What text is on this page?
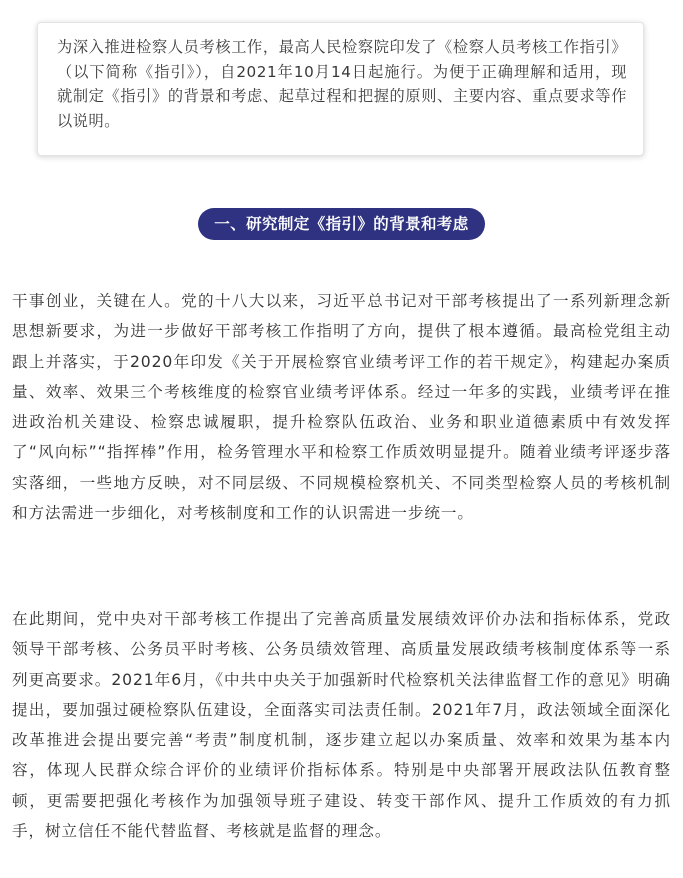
为深入推进检察人员考核工作，最高人民检察院印发了《检察人员考核工作指引》（以下简称《指引》），自2021年10月14日起施行。为便于正确理解和适用，现就制定《指引》的背景和考虑、起草过程和把握的原则、主要内容、重点要求等作以说明。
一、研究制定《指引》的背景和考虑

干事创业，关键在人。党的十八大以来，习近平总书记对干部考核提出了一系列新理念新思想新要求，为进一步做好干部考核工作指明了方向，提供了根本遵循。最高检党组主动跟上并落实，于2020年印发《关于开展检察官业绩考评工作的若干规定》，构建起办案质量、效率、效果三个考核维度的检察官业绩考评体系。经过一年多的实践，业绩考评在推进政治机关建设、检察忠诚履职，提升检察队伍政治、业务和职业道德素质中有效发挥了“风向标”“指挥棒”作用，检务管理水平和检察工作质效明显提升。随着业绩考评逐步落实落细，一些地方反映，对不同层级、不同规模检察机关、不同类型检察人员的考核机制和方法需进一步细化，对考核制度和工作的认识需进一步统一。

在此期间，党中央对干部考核工作提出了完善高质量发展绩效评价办法和指标体系，党政领导干部考核、公务员平时考核、公务员绩效管理、高质量发展政绩考核制度体系等一系列更高要求。2021年6月，《中共中央关于加强新时代检察机关法律监督工作的意见》明确提出，要加强过硬检察队伍建设，全面落实司法责任制。2021年7月，政法领域全面深化改革推进会提出要完善“考责”制度机制，逐步建立起以办案质量、效率和效果为基本内容，体现人民群众综合评价的业绩评价指标体系。特别是中央部署开展政法队伍教育整顿，更需要把强化考核作为加强领导班子建设、转变干部作风、提升工作质效的有力抓手，树立信任不能代替监督、考核就是监督的理念。
